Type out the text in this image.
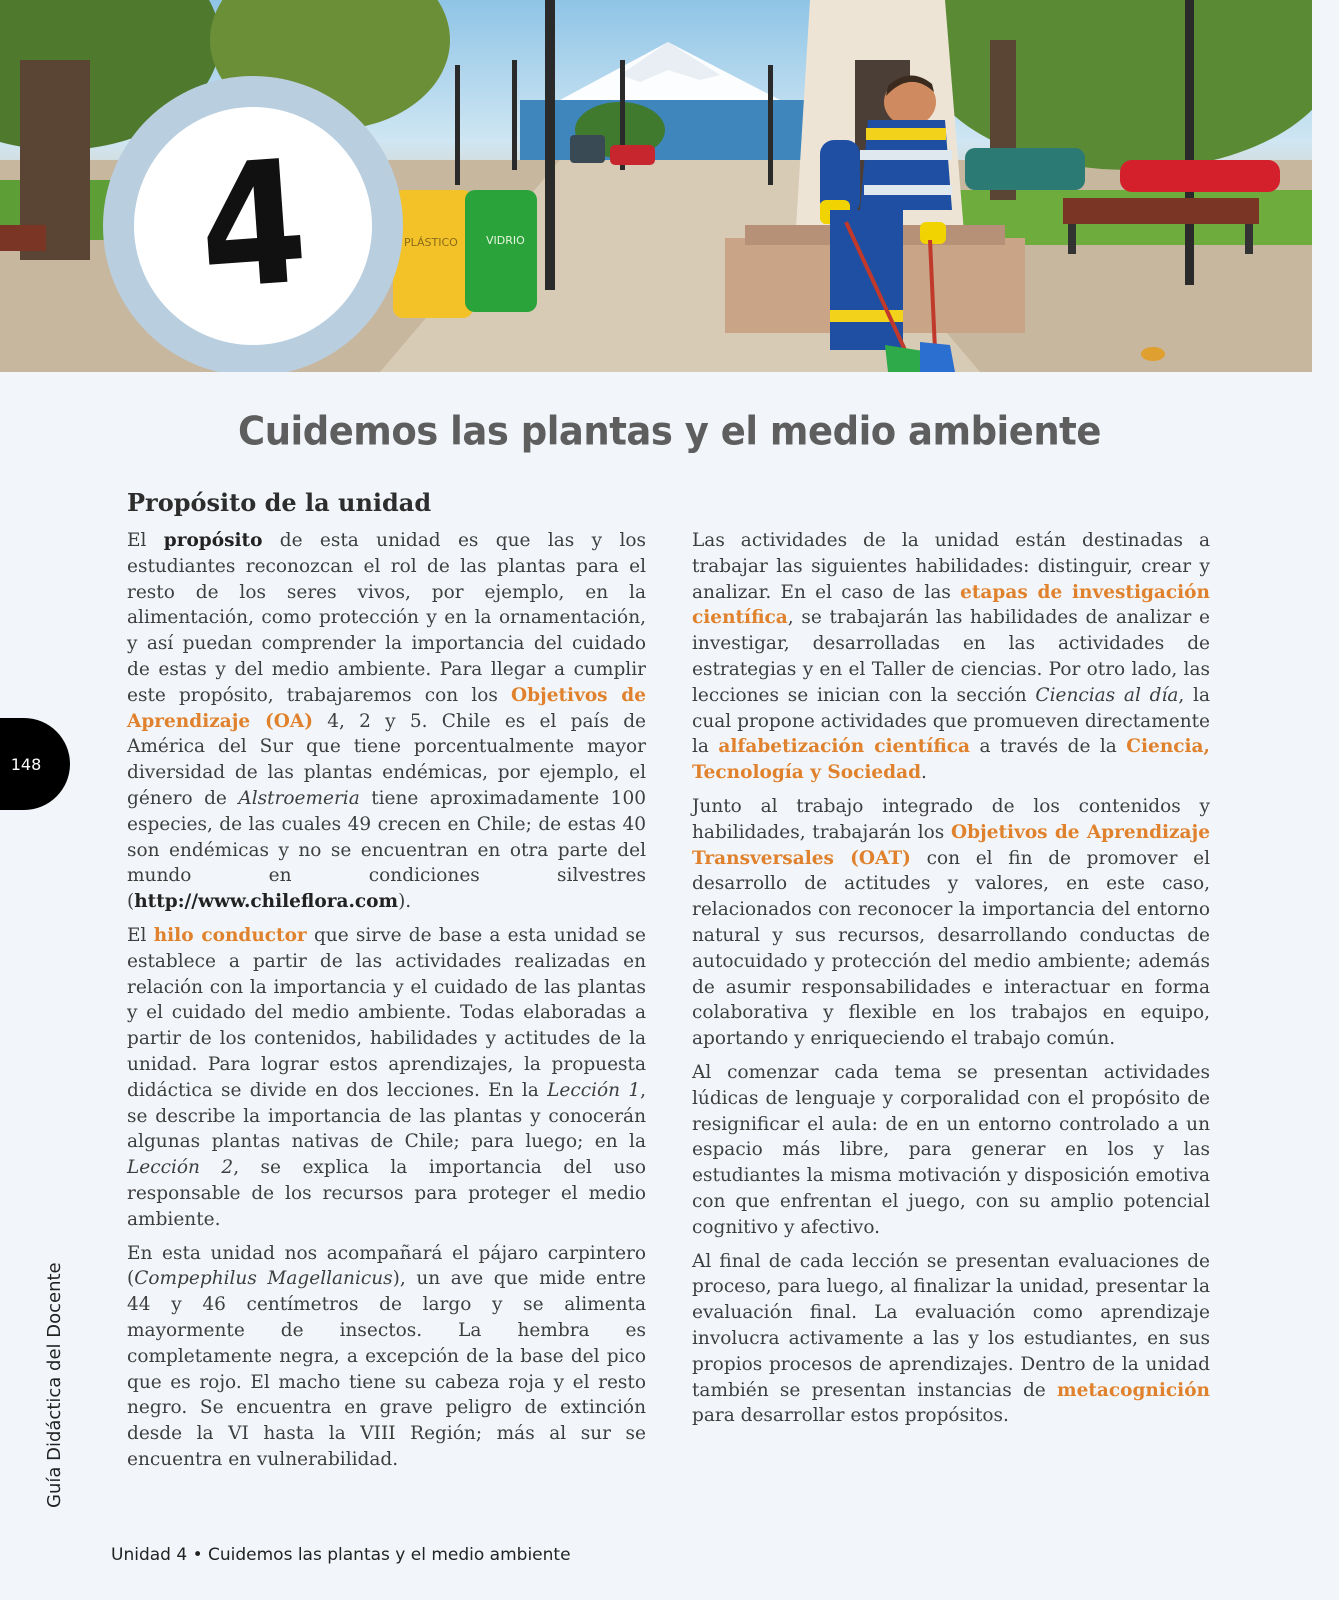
PLÁSTICO	VIDRIO
4
Cuidemos las plantas y el medio ambiente
Propósito de la unidad

El propósito de esta unidad es que las y los estudiantes reconozcan el rol de las plantas para el resto de los seres vivos, por ejemplo, en la alimentación, como protección y en la ornamentación, y así puedan comprender la importancia del cuidado de estas y del medio ambiente. Para llegar a cumplir este propósito, trabajaremos con los Objetivos de Aprendizaje (OA) 4, 2 y 5. Chile es el país de América del Sur que tiene porcentualmente mayor diversidad de las plantas endémicas, por ejemplo, el género de Alstroemeria tiene aproximadamente 100 especies, de las cuales 49 crecen en Chile; de estas 40 son endémicas y no se encuentran en otra parte del mundo en condiciones silvestres (http://www.chileflora.com).

El hilo conductor que sirve de base a esta unidad se establece a partir de las actividades realizadas en relación con la importancia y el cuidado de las plantas y el cuidado del medio ambiente. Todas elaboradas a partir de los contenidos, habilidades y actitudes de la unidad. Para lograr estos aprendizajes, la propuesta didáctica se divide en dos lecciones. En la Lección 1, se describe la importancia de las plantas y conocerán algunas plantas nativas de Chile; para luego; en la Lección 2, se explica la importancia del uso responsable de los recursos para proteger el medio ambiente.

En esta unidad nos acompañará el pájaro carpintero (Compephilus Magellanicus), un ave que mide entre 44 y 46 centímetros de largo y se alimenta mayormente de insectos. La hembra es completamente negra, a excepción de la base del pico que es rojo. El macho tiene su cabeza roja y el resto negro. Se encuentra en grave peligro de extinción desde la VI hasta la VIII Región; más al sur se encuentra en vulnerabilidad.

Las actividades de la unidad están destinadas a trabajar las siguientes habilidades: distinguir, crear y analizar. En el caso de las etapas de investigación científica, se trabajarán las habilidades de analizar e investigar, desarrolladas en las actividades de estrategias y en el Taller de ciencias. Por otro lado, las lecciones se inician con la sección Ciencias al día, la cual propone actividades que promueven directamente la alfabetización científica a través de la Ciencia, Tecnología y Sociedad.

Junto al trabajo integrado de los contenidos y habilidades, trabajarán los Objetivos de Aprendizaje Transversales (OAT) con el fin de promover el desarrollo de actitudes y valores, en este caso, relacionados con reconocer la importancia del entorno natural y sus recursos, desarrollando conductas de autocuidado y protección del medio ambiente; además de asumir responsabilidades e interactuar en forma colaborativa y flexible en los trabajos en equipo, aportando y enriqueciendo el trabajo común.

Al comenzar cada tema se presentan actividades lúdicas de lenguaje y corporalidad con el propósito de resignificar el aula: de en un entorno controlado a un espacio más libre, para generar en los y las estudiantes la misma motivación y disposición emotiva con que enfrentan el juego, con su amplio potencial cognitivo y afectivo.

Al final de cada lección se presentan evaluaciones de proceso, para luego, al finalizar la unidad, presentar la evaluación final. La evaluación como aprendizaje involucra activamente a las y los estudiantes, en sus propios procesos de aprendizajes. Dentro de la unidad también se presentan instancias de metacognición para desarrollar estos propósitos.

148
Guía Didáctica del Docente
Unidad 4 • Cuidemos las plantas y el medio ambiente
